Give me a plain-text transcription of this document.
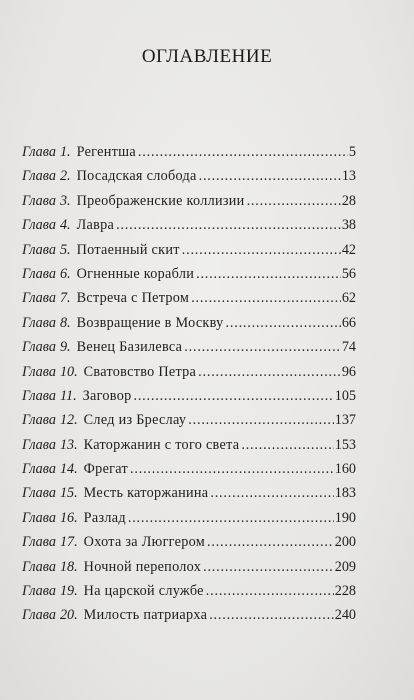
ОГЛАВЛЕНИЕ
Глава 1. Регентша .....	5
Глава 2. Посадская слобода .....	13
Глава 3. Преображенские коллизии .....	28
Глава 4. Лавра .....	38
Глава 5. Потаенный скит .....	42
Глава 6. Огненные корабли .....	56
Глава 7. Встреча с Петром .....	62
Глава 8. Возвращение в Москву .....	66
Глава 9. Венец Базилевса .....	74
Глава 10. Сватовство Петра .....	96
Глава 11. Заговор .....	105
Глава 12. След из Бреслау .....	137
Глава 13. Каторжанин с того света .....	153
Глава 14. Фрегат .....	160
Глава 15. Месть каторжанина .....	183
Глава 16. Разлад .....	190
Глава 17. Охота за Люггером .....	200
Глава 18. Ночной переполох .....	209
Глава 19. На царской службе .....	228
Глава 20. Милость патриарха .....	240
